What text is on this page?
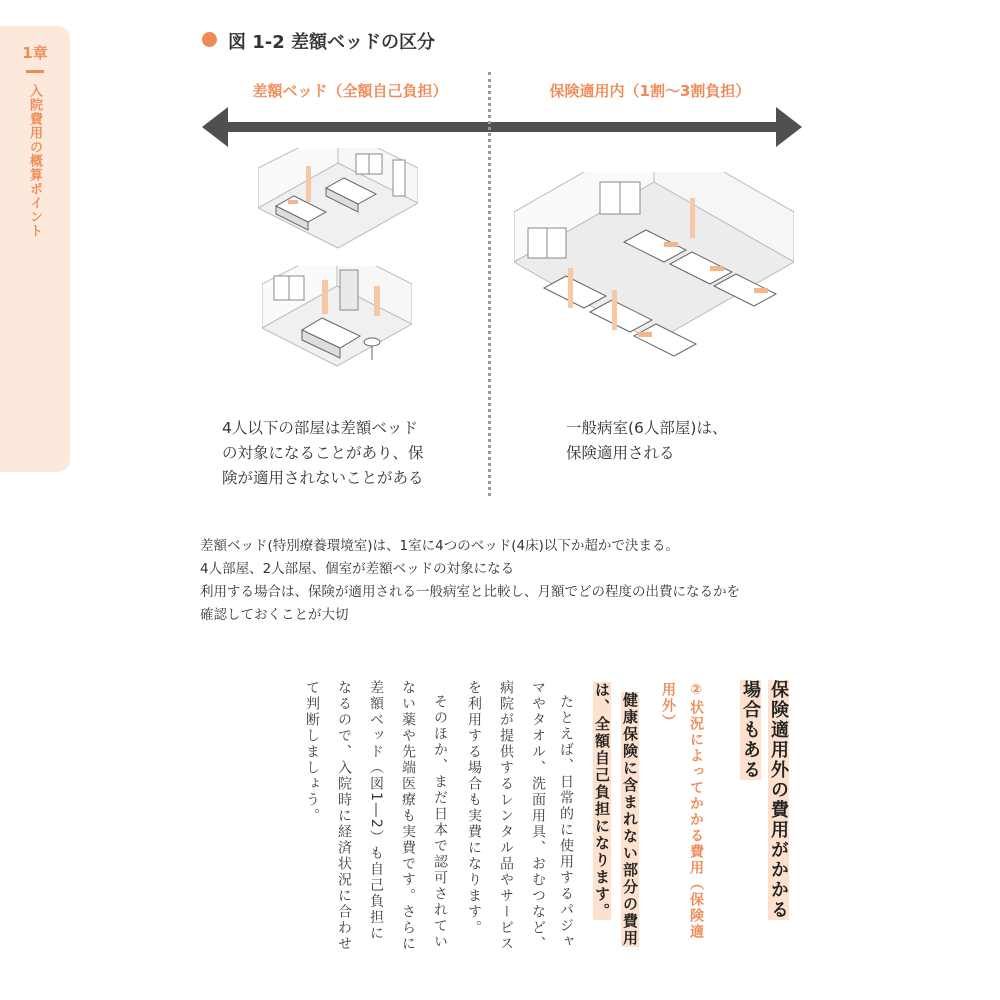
1章
入院費用の概算ポイント
図 1-2 差額ベッドの区分
差額ベッド（全額自己負担）	保険適用内（1割〜3割負担）
4人以下の部屋は差額ベッド
の対象になることがあり、保
険が適用されないことがある
一般病室(6人部屋)は、
保険適用される
差額ベッド(特別療養環境室)は、1室に4つのベッド(4床)以下か超かで決まる。
4人部屋、2人部屋、個室が差額ベッドの対象になる
利用する場合は、保険が適用される一般病室と比較し、月額でどの程度の出費になるかを
確認しておくことが大切
保険適用外の費用がかかる
場合もある
②状況によってかかる費用（保険適
用外）
健康保険に含まれない部分の費用
は、全額自己負担になります。
たとえば、日常的に使用するパジャ
マやタオル、洗面用具、おむつなど、
病院が提供するレンタル品やサービス
を利用する場合も実費になります。
そのほか、まだ日本で認可されてい
ない薬や先端医療も実費です。さらに
差額ベッド（図1―2）も自己負担に
なるので、入院時に経済状況に合わせ
て判断しましょう。
